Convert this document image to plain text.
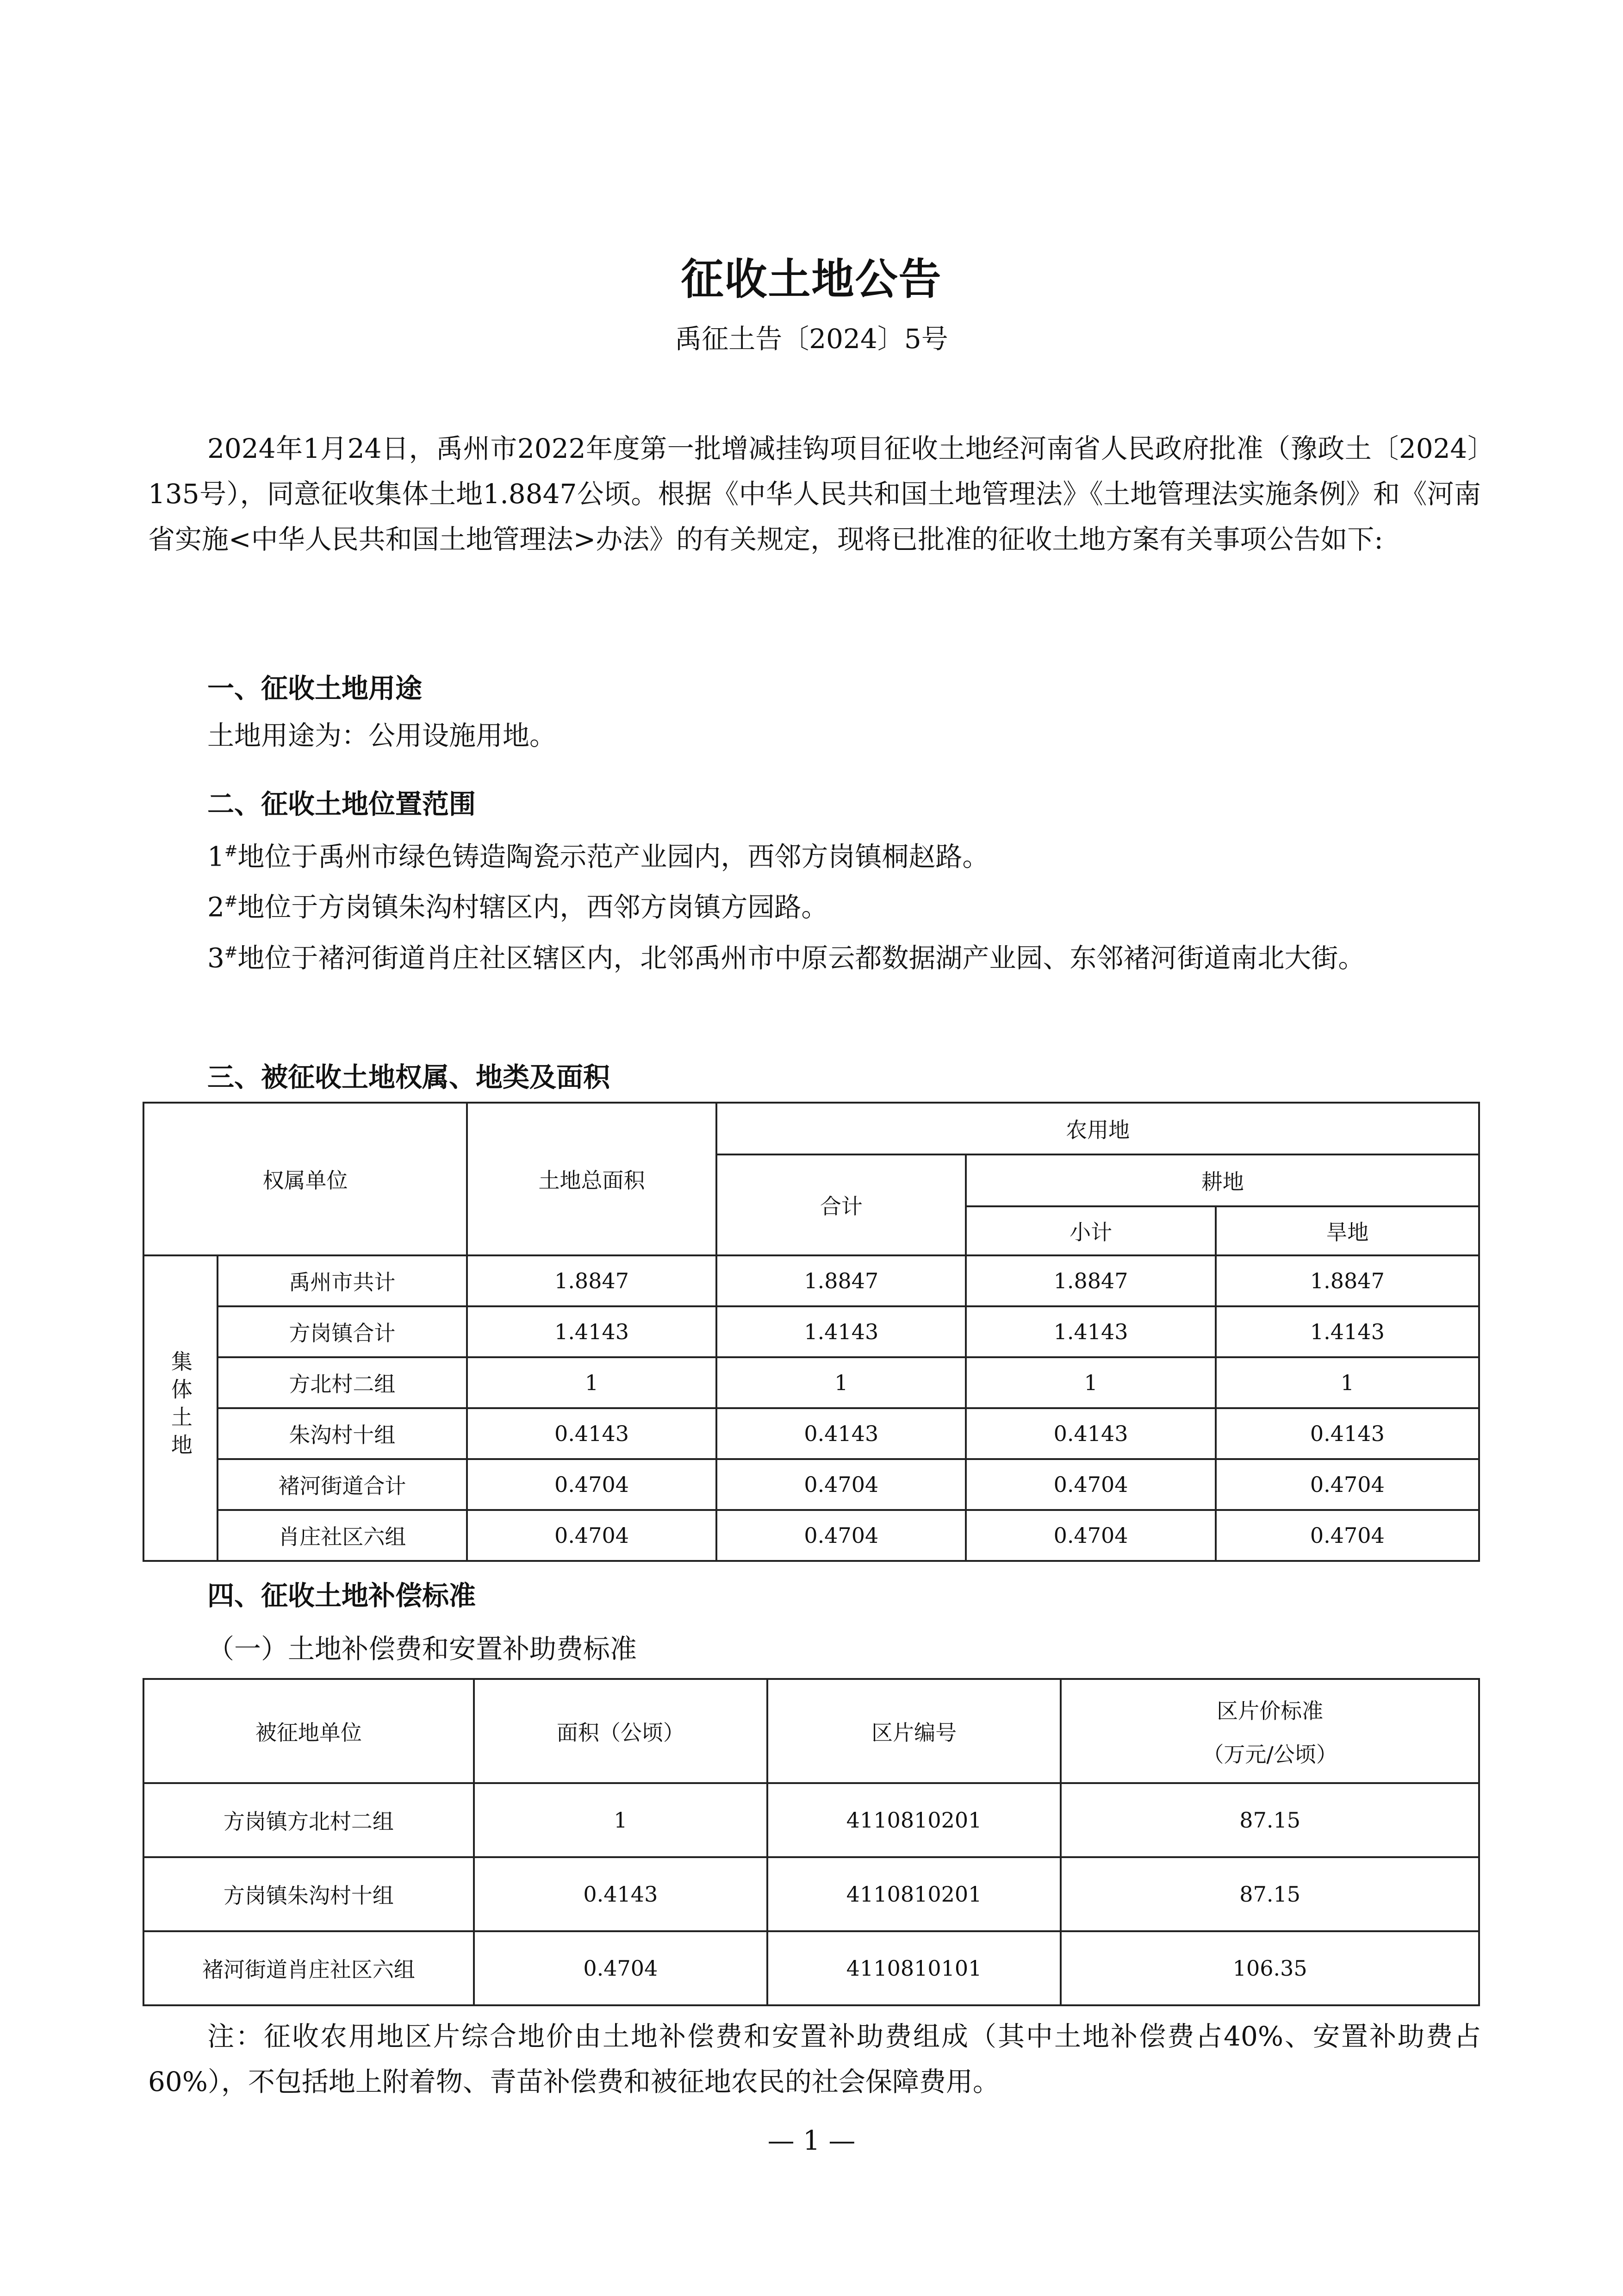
征收土地公告
禹征土告〔2024〕5号

2024年1月24日，禹州市2022年度第一批增减挂钩项目征收土地经河南省人民政府批准（豫政土〔2024〕135号），同意征收集体土地1.8847公顷。根据《中华人民共和国土地管理法》《土地管理法实施条例》和《河南省实施<中华人民共和国土地管理法>办法》的有关规定，现将已批准的征收土地方案有关事项公告如下:

一、征收土地用途

土地用途为：公用设施用地。

二、征收土地位置范围

1#地位于禹州市绿色铸造陶瓷示范产业园内，西邻方岗镇桐赵路。

2#地位于方岗镇朱沟村辖区内，西邻方岗镇方园路。

3#地位于褚河街道肖庄社区辖区内，北邻禹州市中原云都数据湖产业园、东邻褚河街道南北大街。

三、被征收土地权属、地类及面积
权属单位		土地总面积	农用地		
			合计	耕地	
				小计	旱地
集体土地	禹州市共计	1.8847	1.8847	1.8847	1.8847
	方岗镇合计	1.4143	1.4143	1.4143	1.4143
	方北村二组	1	1	1	1
	朱沟村十组	0.4143	0.4143	0.4143	0.4143
	褚河街道合计	0.4704	0.4704	0.4704	0.4704
	肖庄社区六组	0.4704	0.4704	0.4704	0.4704
四、征收土地补偿标准
（一）土地补偿费和安置补助费标准
被征地单位	面积（公顷）	区片编号	区片价标准
（万元/公顷）

方岗镇方北村二组	1	4110810201	87.15
方岗镇朱沟村十组	0.4143	4110810201	87.15
褚河街道肖庄社区六组	0.4704	4110810101	106.35
注：征收农用地区片综合地价由土地补偿费和安置补助费组成（其中土地补偿费占40%、安置补助费占60%），不包括地上附着物、青苗补偿费和被征地农民的社会保障费用。
— 1 —
